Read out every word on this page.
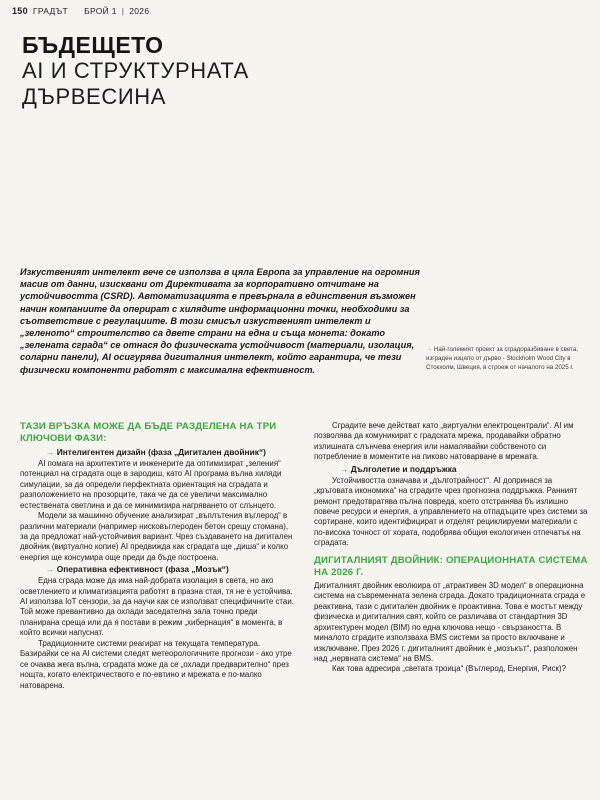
150 ГРАДЪТ БРОЙ 1 | 2026
БЪДЕЩЕТО
AI И СТРУКТУРНАТА
ДЪРВЕСИНА

Изкуственият интелект вече се използва в цяла Европа за управление на огромния масив от данни, изисквани от Директивата за корпоративно отчитане на устойчивостта (CSRD). Автоматизацията е превърнала в единствения възможен начин компаниите да оперират с хилядите информационни точки, необходими за съответствие с регулациите. В този смисъл изкуственият интелект и „зеленото“ строителство са двете страни на една и съща монета: докато „зелената сграда“ се отнася до физическата устойчивост (материали, изолация, соларни панели), AI осигурява дигиталния интелект, който гарантира, че тези физически компоненти работят с максимална ефективност.

→ Най-големият проект за сградоразбиване в света, изграден изцяло от дърво - Stockholm Wood City в Стокхолм, Швеция, в строеж от началото на 2025 г.
ТАЗИ ВРЪЗКА МОЖЕ ДА БЪДЕ РАЗДЕЛЕНА НА ТРИ КЛЮЧОВИ ФАЗИ:
→ Интелигентен дизайн (фаза „Дигитален двойник“)

AI помага на архитектите и инженерите да оптимизират „зеления“ потенциал на сградата още в зародиш, като AI програма вълна хиляди симулации, за да определи перфектната ориентация на сградата и разположението на прозорците, така че да се увеличи максимално естествената светлина и да се минимизира нагряването от слънцето.

Модели за машинно обучение анализират „въплътения въглерод“ в различни материали (например нисковъглероден бетон срещу стомана), за да предложат най-устойчивия вариант. Чрез създаването на дигитален двойник (виртуално копие) AI предвижда как сградата ще „диша“ и колко енергия ще консумира още преди да бъде построена.

→ Оперативна ефективност (фаза „Мозък“)

Една сграда може да има най-добрата изолация в света, но ако осветлението и климатизацията работят в празна стая, тя не е устойчива. AI използва IoT сензори, за да научи как се използват специфичните стаи. Той може превантивно да охлади заседателна зала точно преди планирана среща или да я постави в режим „хибернация“ в момента, в който всички напуснат.

Традиционните системи реагират на текущата температура. Базирайки се на AI системи следят метеорологичните прогнози - ако утре се очаква жега вълна, сградата може да се „охлади предварително“ през нощта, когато електричеството е по-евтино и мрежата е по-малко натоварена.

Сградите вече действат като „виртуални електроцентрали“. AI им позволява да комуникират с градската мрежа, продавайки обратно излишната слънчева енергия или намалявайки собственото си потребление в моментите на пиково натоварване в мрежата.

→ Дълголетие и поддръжка

Устойчивостта означава и „дълготрайност“. AI допринася за „кръговата икономика“ на сградите чрез прогнозна поддръжка. Ранният ремонт предотвратява пълна повреда, което отстранява бъ излишно повече ресурси и енергия, а управлението на отпадъците чрез системи за сортиране, които идентифицират и отделят рециклируеми материали с по-висока точност от хората, подобрява общия екологичен отпечатък на сградата.

ДИГИТАЛНИЯТ ДВОЙНИК: ОПЕРАЦИОННАТА СИСТЕМА НА 2026 Г.

Дигиталният двойник еволюира от „атрактивен 3D модел“ в операционна система на съвременната зелена сграда. Докато традиционната сграда е реактивна, тази с дигитален двойник е проактивна. Това е мостът между физическа и дигиталния свят, който се различава от стандартния 3D архитектурен модел (BIM) по една ключова нещо - свързаността. В миналото сградите използваха BMS системи за просто включване и изключване. През 2026 г. дигиталният двойник е „мозъкът“, разположен над „нервната система“ на BMS.

Как това адресира „светата троица“ (Въглерод, Енергия, Риск)?
